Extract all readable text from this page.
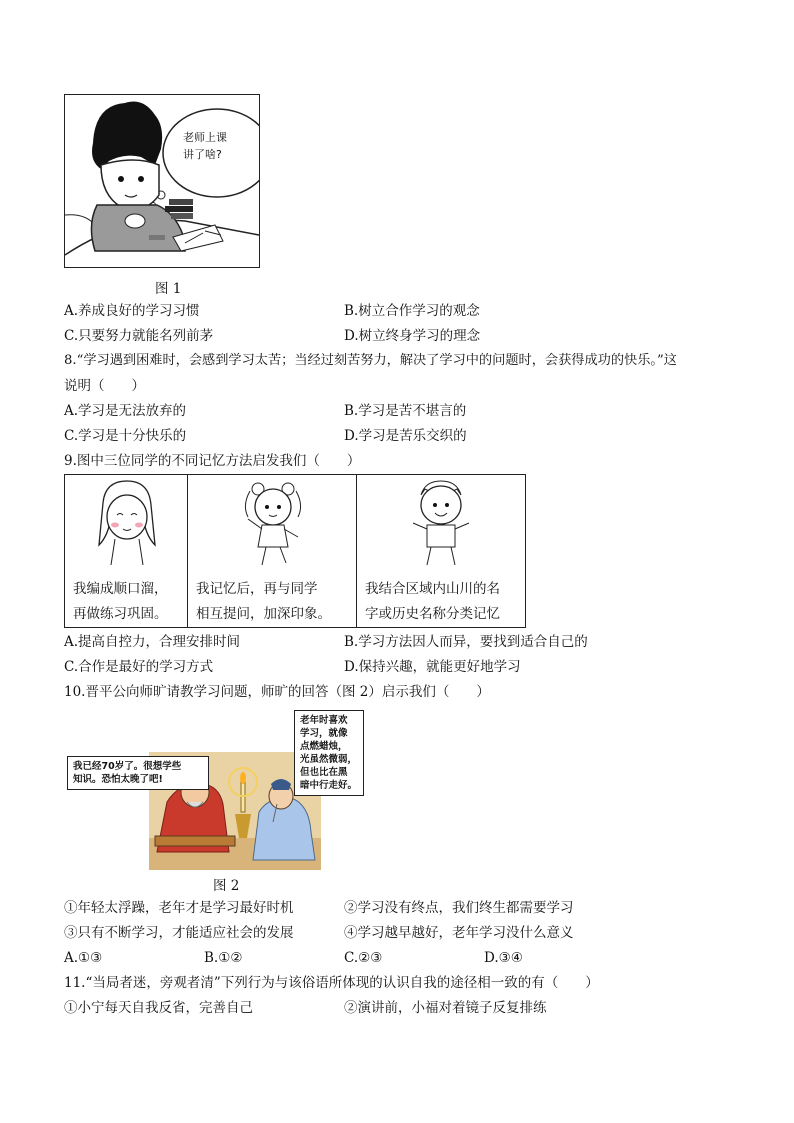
老师上课
讲了啥?
图 1
A.养成良好的学习习惯	B.树立合作学习的观念
C.只要努力就能名列前茅	D.树立终身学习的理念
8.“学习遇到困难时，会感到学习太苦；当经过刻苦努力，解决了学习中的问题时，会获得成功的快乐。”这
说明（　　）
A.学习是无法放弃的	B.学习是苦不堪言的
C.学习是十分快乐的	D.学习是苦乐交织的
9.图中三位同学的不同记忆方法启发我们（　　）
我编成顺口溜，
再做练习巩固。

我记忆后，再与同学
相互提问，加深印象。

我结合区域内山川的名
字或历史名称分类记忆
A.提高自控力，合理安排时间	B.学习方法因人而异，要找到适合自己的
C.合作是最好的学习方式	D.保持兴趣，就能更好地学习
10.晋平公向师旷请教学习问题，师旷的回答（图 2）启示我们（　　）
我已经70岁了。很想学些
知识。恐怕太晚了吧!
老年时喜欢
学习，就像
点燃蜡烛，
光虽然微弱，
但也比在黑
暗中行走好。
图 2
①年轻太浮躁，老年才是学习最好时机	②学习没有终点，我们终生都需要学习
③只有不断学习，才能适应社会的发展	④学习越早越好，老年学习没什么意义
A.①③	B.①②	C.②③	D.③④
11.“当局者迷，旁观者清”下列行为与该俗语所体现的认识自我的途径相一致的有（　　）
①小宁每天自我反省，完善自己	②演讲前，小福对着镜子反复排练
